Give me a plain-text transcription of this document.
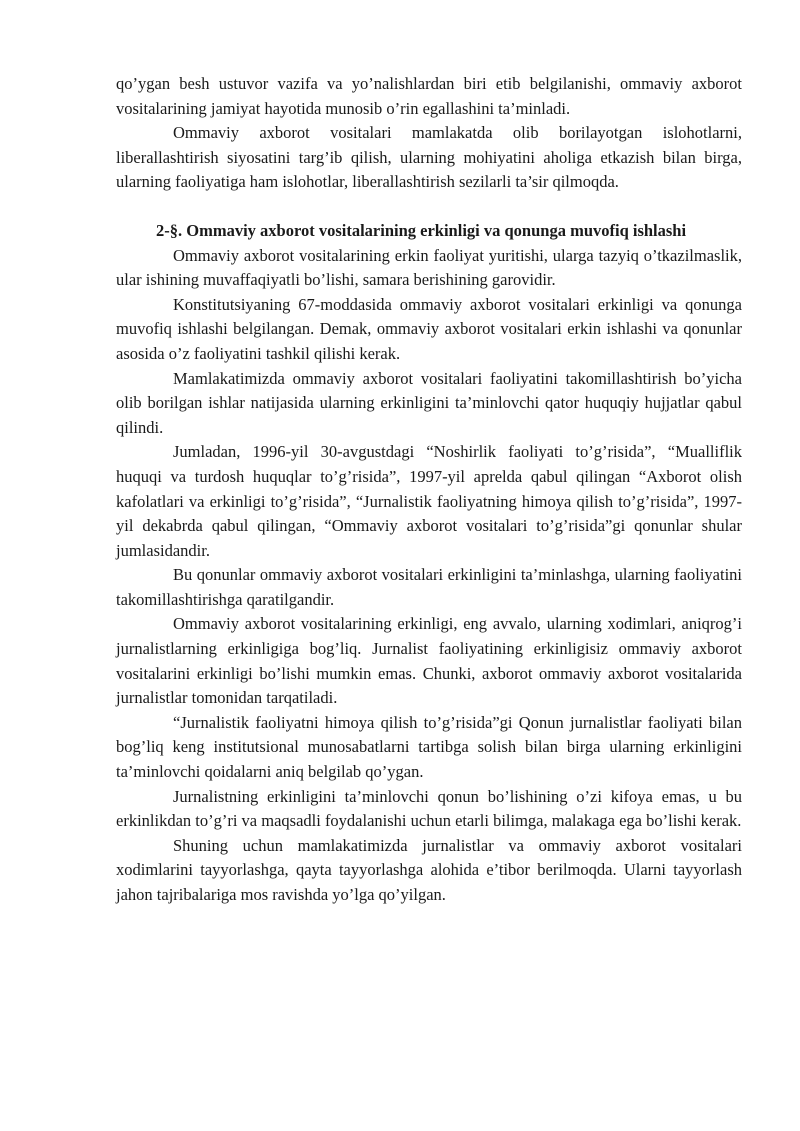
qo’ygan besh ustuvor vazifa va yo’nalishlardan biri etib belgilanishi, ommaviy axborot vositalarining jamiyat hayotida munosib o’rin egallashini ta’minladi.

Ommaviy axborot vositalari mamlakatda olib borilayotgan islohotlarni, liberallashtirish siyosatini targ’ib qilish, ularning mohiyatini aholiga etkazish bilan birga, ularning faoliyatiga ham islohotlar, liberallashtirish sezilarli ta’sir qilmoqda.

2-§. Ommaviy axborot vositalarining erkinligi va qonunga muvofiq ishlashi

Ommaviy axborot vositalarining erkin faoliyat yuritishi, ularga tazyiq o’tkazilmaslik, ular ishining muvaffaqiyatli bo’lishi, samara berishining garovidir.

Konstitutsiyaning 67-moddasida ommaviy axborot vositalari erkinligi va qonunga muvofiq ishlashi belgilangan. Demak, ommaviy axborot vositalari erkin ishlashi va qonunlar asosida o’z faoliyatini tashkil qilishi kerak.

Mamlakatimizda ommaviy axborot vositalari faoliyatini takomillashtirish bo’yicha olib borilgan ishlar natijasida ularning erkinligini ta’minlovchi qator huquqiy hujjatlar qabul qilindi.

Jumladan, 1996-yil 30-avgustdagi “Noshirlik faoliyati to’g’risida”, “Mualliflik huquqi va turdosh huquqlar to’g’risida”, 1997-yil aprelda qabul qilingan “Axborot olish kafolatlari va erkinligi to’g’risida”, “Jurnalistik faoliyatning himoya qilish to’g’risida”, 1997-yil dekabrda qabul qilingan, “Ommaviy axborot vositalari to’g’risida”gi qonunlar shular jumlasidandir.

Bu qonunlar ommaviy axborot vositalari erkinligini ta’minlashga, ularning faoliyatini takomillashtirishga qaratilgandir.

Ommaviy axborot vositalarining erkinligi, eng avvalo, ularning xodimlari, aniqrog’i jurnalistlarning erkinligiga bog’liq. Jurnalist faoliyatining erkinligisiz ommaviy axborot vositalarini erkinligi bo’lishi mumkin emas. Chunki, axborot ommaviy axborot vositalarida jurnalistlar tomonidan tarqatiladi.

“Jurnalistik faoliyatni himoya qilish to’g’risida”gi Qonun jurnalistlar faoliyati bilan bog’liq keng institutsional munosabatlarni tartibga solish bilan birga ularning erkinligini ta’minlovchi qoidalarni aniq belgilab qo’ygan.

Jurnalistning erkinligini ta’minlovchi qonun bo’lishining o’zi kifoya emas, u bu erkinlikdan to’g’ri va maqsadli foydalanishi uchun etarli bilimga, malakaga ega bo’lishi kerak.

Shuning uchun mamlakatimizda jurnalistlar va ommaviy axborot vositalari xodimlarini tayyorlashga, qayta tayyorlashga alohida e’tibor berilmoqda. Ularni tayyorlash jahon tajribalariga mos ravishda yo’lga qo’yilgan.
